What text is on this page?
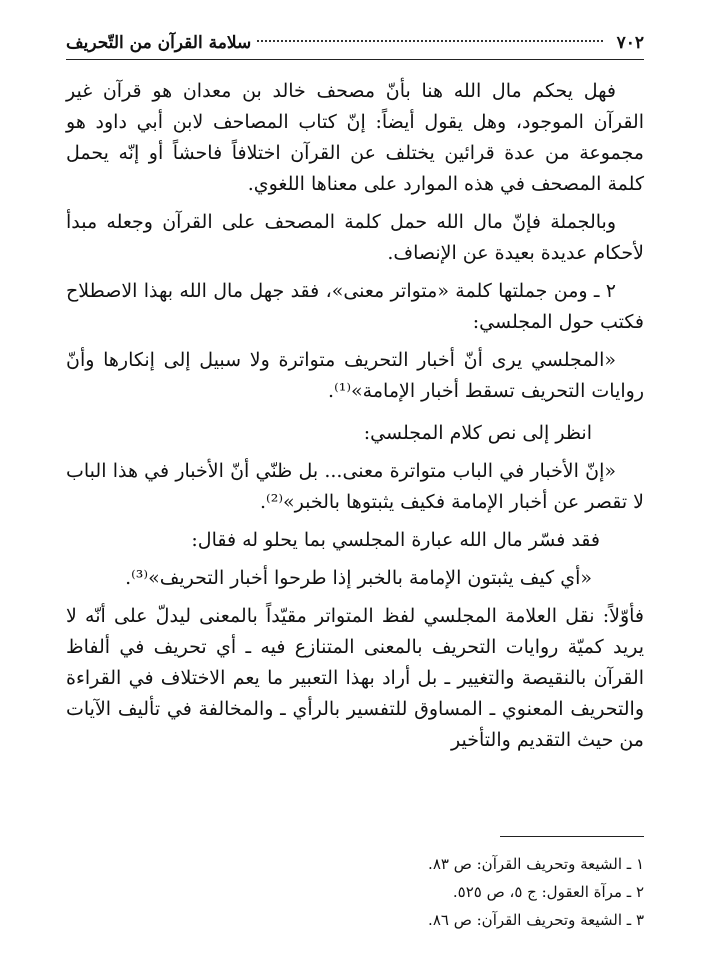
٧٠٢
سلامة القرآن من التّحريف

فهل يحكم مال الله هنا بأنّ مصحف خالد بن معدان هو قرآن غير القرآن الموجود، وهل يقول أيضاً: إنّ كتاب المصاحف لابن أبي داود هو مجموعة من عدة قرائين يختلف عن القرآن اختلافاً فاحشاً أو إنّه يحمل كلمة المصحف في هذه الموارد على معناها اللغوي.

وبالجملة فإنّ مال الله حمل كلمة المصحف على القرآن وجعله مبدأ لأحكام عديدة بعيدة عن الإنصاف.

٢ ـ ومن جملتها كلمة «متواتر معنى»، فقد جهل مال الله بهذا الاصطلاح فكتب حول المجلسي:

«المجلسي يرى أنّ أخبار التحريف متواترة ولا سبيل إلى إنكارها وأنّ روايات التحريف تسقط أخبار الإمامة»⁽¹⁾.

انظر إلى نص كلام المجلسي:

«إنّ الأخبار في الباب متواترة معنى... بل ظنّي أنّ الأخبار في هذا الباب لا تقصر عن أخبار الإمامة فكيف يثبتوها بالخبر»⁽²⁾.

فقد فسّر مال الله عبارة المجلسي بما يحلو له فقال:

«أي كيف يثبتون الإمامة بالخبر إذا طرحوا أخبار التحريف»⁽³⁾.

فأوّلاً: نقل العلامة المجلسي لفظ المتواتر مقيّداً بالمعنى ليدلّ على أنّه لا يريد كميّة روايات التحريف بالمعنى المتنازع فيه ـ أي تحريف في ألفاظ القرآن بالنقيصة والتغيير ـ بل أراد بهذا التعبير ما يعم الاختلاف في القراءة والتحريف المعنوي ـ المساوق للتفسير بالرأي ـ والمخالفة في تأليف الآيات من حيث التقديم والتأخير

١ ـ الشيعة وتحريف القرآن: ص ٨٣.
٢ ـ مرآة العقول: ج ٥، ص ٥٢٥.
٣ ـ الشيعة وتحريف القرآن: ص ٨٦.
